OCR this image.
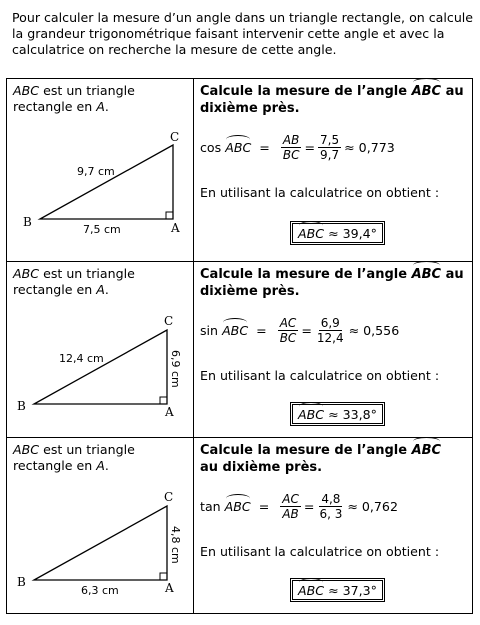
Pour calculer la mesure d’un angle dans un triangle rectangle, on calcule la grandeur trigonométrique faisant intervenir cette angle et avec la calculatrice on recherche la mesure de cette angle.
ABC est un triangle rectangle en A.
B	A
C
9,7 cm
7,5 cm
Calcule la mesure de l’angle ABC au dixième près.
cos
ABC = $\frac{AB}{BC} = \frac{7,5}{9,7} \approx 0,773$
En utilisant la calculatrice on obtient :
ABC ≈ 39,4°
ABC est un triangle rectangle en A.
B	A
C
12,4 cm	6,9 cm
Calcule la mesure de l’angle ABC au dixième près.
sin
ABC = $\frac{AC}{BC} = \frac{6,9}{12,4} \approx 0,556$
En utilisant la calculatrice on obtient :
ABC ≈ 33,8°
ABC est un triangle rectangle en A.
B	A
C
4,8 cm
6,3 cm
Calcule la mesure de l’angle ABC au dixième près.
tan
ABC = $\frac{AC}{AB} = \frac{4,8}{6, 3} \approx 0,762$
En utilisant la calculatrice on obtient :
ABC ≈ 37,3°
